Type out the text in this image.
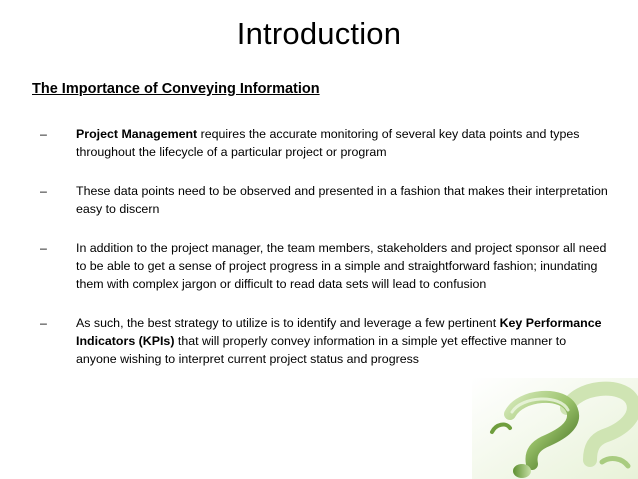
Introduction
The Importance of Conveying Information
–	Project Management requires the accurate monitoring of several key data points and types throughout the lifecycle of a particular project or program
–	These data points need to be observed and presented in a fashion that makes their interpretation easy to discern
–	In addition to the project manager, the team members, stakeholders and project sponsor all need to be able to get a sense of project progress in a simple and straightforward fashion; inundating them with complex jargon or difficult to read data sets will lead to confusion
–	As such, the best strategy to utilize is to identify and leverage a few pertinent Key Performance Indicators (KPIs) that will properly convey information in a simple yet effective manner to anyone wishing to interpret current project status and progress
